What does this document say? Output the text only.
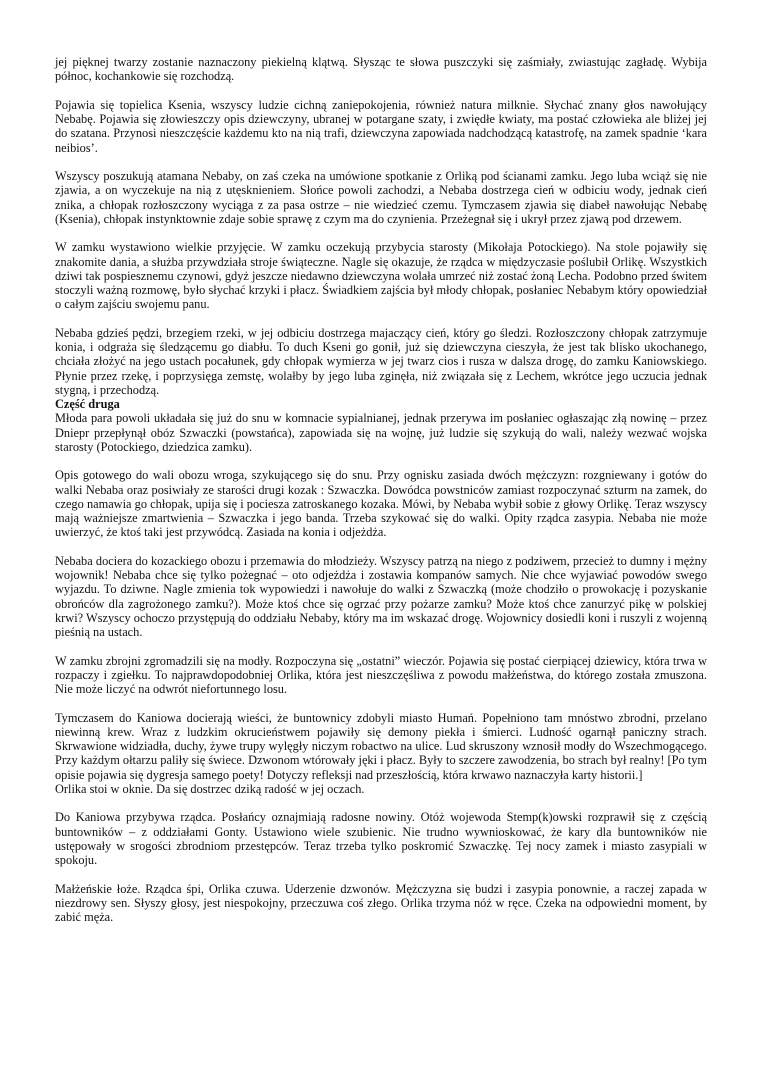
jej pięknej twarzy zostanie naznaczony piekielną klątwą. Słysząc te słowa puszczyki się zaśmiały, zwiastując zagładę. Wybija północ, kochankowie się rozchodzą.

Pojawia się topielica Ksenia, wszyscy ludzie cichną zaniepokojenia, również natura milknie. Słychać znany głos nawołujący Nebabę. Pojawia się złowieszczy opis dziewczyny, ubranej w potargane szaty, i zwiędłe kwiaty, ma postać człowieka ale bliżej jej do szatana. Przynosi nieszczęście każdemu kto na nią trafi, dziewczyna zapowiada nadchodzącą katastrofę, na zamek spadnie ‘kara neibios’.

Wszyscy poszukują atamana Nebaby, on zaś czeka na umówione spotkanie z Orliką pod ścianami zamku. Jego luba wciąż się nie zjawia, a on wyczekuje na nią z utęsknieniem. Słońce powoli zachodzi, a Nebaba dostrzega cień w odbiciu wody, jednak cień znika, a chłopak rozłoszczony wyciąga z za pasa ostrze – nie wiedzieć czemu. Tymczasem zjawia się diabeł nawołując Nebabę (Ksenia), chłopak instynktownie zdaje sobie sprawę z czym ma do czynienia. Przeżegnał się i ukrył przez zjawą pod drzewem.

W zamku wystawiono wielkie przyjęcie. W zamku oczekują przybycia starosty (Mikołaja Potockiego). Na stole pojawiły się znakomite dania, a służba przywdziała stroje świąteczne. Nagle się okazuje, że rządca w międzyczasie poślubił Orlikę. Wszystkich dziwi tak pospiesznemu czynowi, gdyż jeszcze niedawno dziewczyna wolała umrzeć niż zostać żoną Lecha. Podobno przed świtem stoczyli ważną rozmowę, było słychać krzyki i płacz. Świadkiem zajścia był młody chłopak, posłaniec Nebabym który opowiedział o całym zajściu swojemu panu.

Nebaba gdzieś pędzi, brzegiem rzeki, w jej odbiciu dostrzega majaczący cień, który go śledzi. Rozłoszczony chłopak zatrzymuje konia, i odgraża się śledzącemu go diabłu. To duch Kseni go gonił, już się dziewczyna cieszyła, że jest tak blisko ukochanego, chciała złożyć na jego ustach pocałunek, gdy chłopak wymierza w jej twarz cios i rusza w dalsza drogę, do zamku Kaniowskiego. Płynie przez rzekę, i poprzysięga zemstę, wolałby by jego luba zginęła, niż związała się z Lechem, wkrótce jego uczucia jednak stygną, i przechodzą.

Część druga

Młoda para powoli układała się już do snu w komnacie sypialnianej, jednak przerywa im posłaniec ogłaszając złą nowinę – przez Dniepr przepłynął obóz Szwaczki (powstańca), zapowiada się na wojnę, już ludzie się szykują do wali, należy wezwać wojska starosty (Potockiego, dziedzica zamku).

Opis gotowego do wali obozu wroga, szykującego się do snu. Przy ognisku zasiada dwóch mężczyzn: rozgniewany i gotów do walki Nebaba oraz posiwiały ze starości drugi kozak : Szwaczka. Dowódca powstniców zamiast rozpoczynać szturm na zamek, do czego namawia go chłopak, upija się i pociesza zatroskanego kozaka. Mówi, by Nebaba wybił sobie z głowy Orlikę. Teraz wszyscy mają ważniejsze zmartwienia – Szwaczka i jego banda. Trzeba szykować się do walki. Opity rządca zasypia. Nebaba nie może uwierzyć, że ktoś taki jest przywódcą. Zasiada na konia i odjeżdża.

Nebaba dociera do kozackiego obozu i przemawia do młodzieży. Wszyscy patrzą na niego z podziwem, przecież to dumny i mężny wojownik! Nebaba chce się tylko pożegnać – oto odjeżdża i zostawia kompanów samych. Nie chce wyjawiać powodów swego wyjazdu. To dziwne. Nagle zmienia tok wypowiedzi i nawołuje do walki z Szwaczką (może chodziło o prowokację i pozyskanie obrońców dla zagrożonego zamku?). Może ktoś chce się ogrzać przy pożarze zamku? Może ktoś chce zanurzyć pikę w polskiej krwi? Wszyscy ochoczo przystępują do oddziału Nebaby, który ma im wskazać drogę. Wojownicy dosiedli koni i ruszyli z wojenną pieśnią na ustach.

W zamku zbrojni zgromadzili się na modły. Rozpoczyna się „ostatni” wieczór. Pojawia się postać cierpiącej dziewicy, która trwa w rozpaczy i zgiełku. To najprawdopodobniej Orlika, która jest nieszczęśliwa z powodu małżeństwa, do którego została zmuszona. Nie może liczyć na odwrót niefortunnego losu.

Tymczasem do Kaniowa docierają wieści, że buntownicy zdobyli miasto Humań. Popełniono tam mnóstwo zbrodni, przelano niewinną krew. Wraz z ludzkim okrucieństwem pojawiły się demony piekła i śmierci. Ludność ogarnął paniczny strach. Skrwawione widziadła, duchy, żywe trupy wylęgły niczym robactwo na ulice. Lud skruszony wznosił modły do Wszechmogącego. Przy każdym ołtarzu paliły się świece. Dzwonom wtórowały jęki i płacz. Były to szczere zawodzenia, bo strach był realny! [Po tym opisie pojawia się dygresja samego poety! Dotyczy refleksji nad przeszłością, która krwawo naznaczyła karty historii.]

Orlika stoi w oknie. Da się dostrzec dziką radość w jej oczach.

Do Kaniowa przybywa rządca. Posłańcy oznajmiają radosne nowiny. Otóż wojewoda Stemp(k)owski rozprawił się z częścią buntowników – z oddziałami Gonty. Ustawiono wiele szubienic. Nie trudno wywnioskować, że kary dla buntowników nie ustępowały w srogości zbrodniom przestępców. Teraz trzeba tylko poskromić Szwaczkę. Tej nocy zamek i miasto zasypiali w spokoju.

Małżeńskie łoże. Rządca śpi, Orlika czuwa. Uderzenie dzwonów. Mężczyzna się budzi i zasypia ponownie, a raczej zapada w niezdrowy sen. Słyszy głosy, jest niespokojny, przeczuwa coś złego. Orlika trzyma nóż w ręce. Czeka na odpowiedni moment, by zabić męża.
